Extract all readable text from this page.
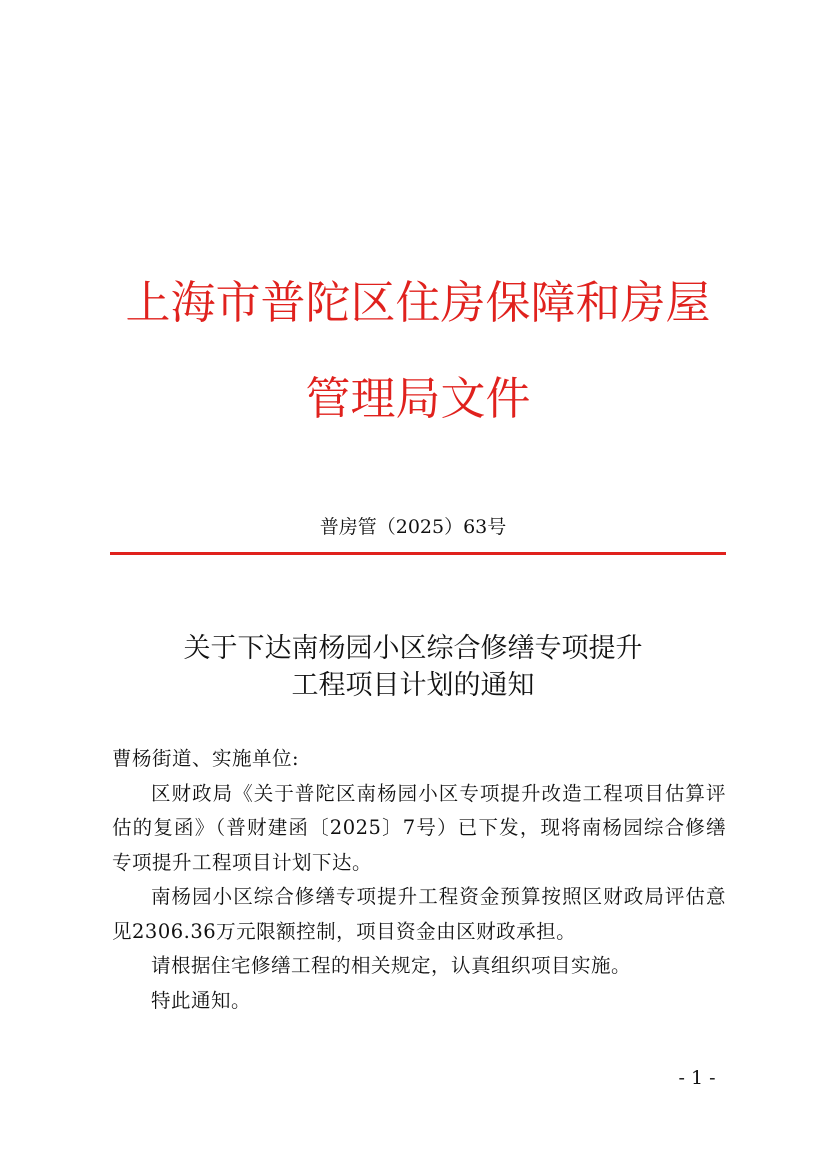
上海市普陀区住房保障和房屋管理局文件
普房管（2025）63号
关于下达南杨园小区综合修缮专项提升
工程项目计划的通知

曹杨街道、实施单位:

区财政局《关于普陀区南杨园小区专项提升改造工程项目估算评估的复函》（普财建函〔2025〕7号）已下发，现将南杨园综合修缮专项提升工程项目计划下达。

南杨园小区综合修缮专项提升工程资金预算按照区财政局评估意见2306.36万元限额控制，项目资金由区财政承担。

请根据住宅修缮工程的相关规定，认真组织项目实施。

特此通知。

- 1 -
